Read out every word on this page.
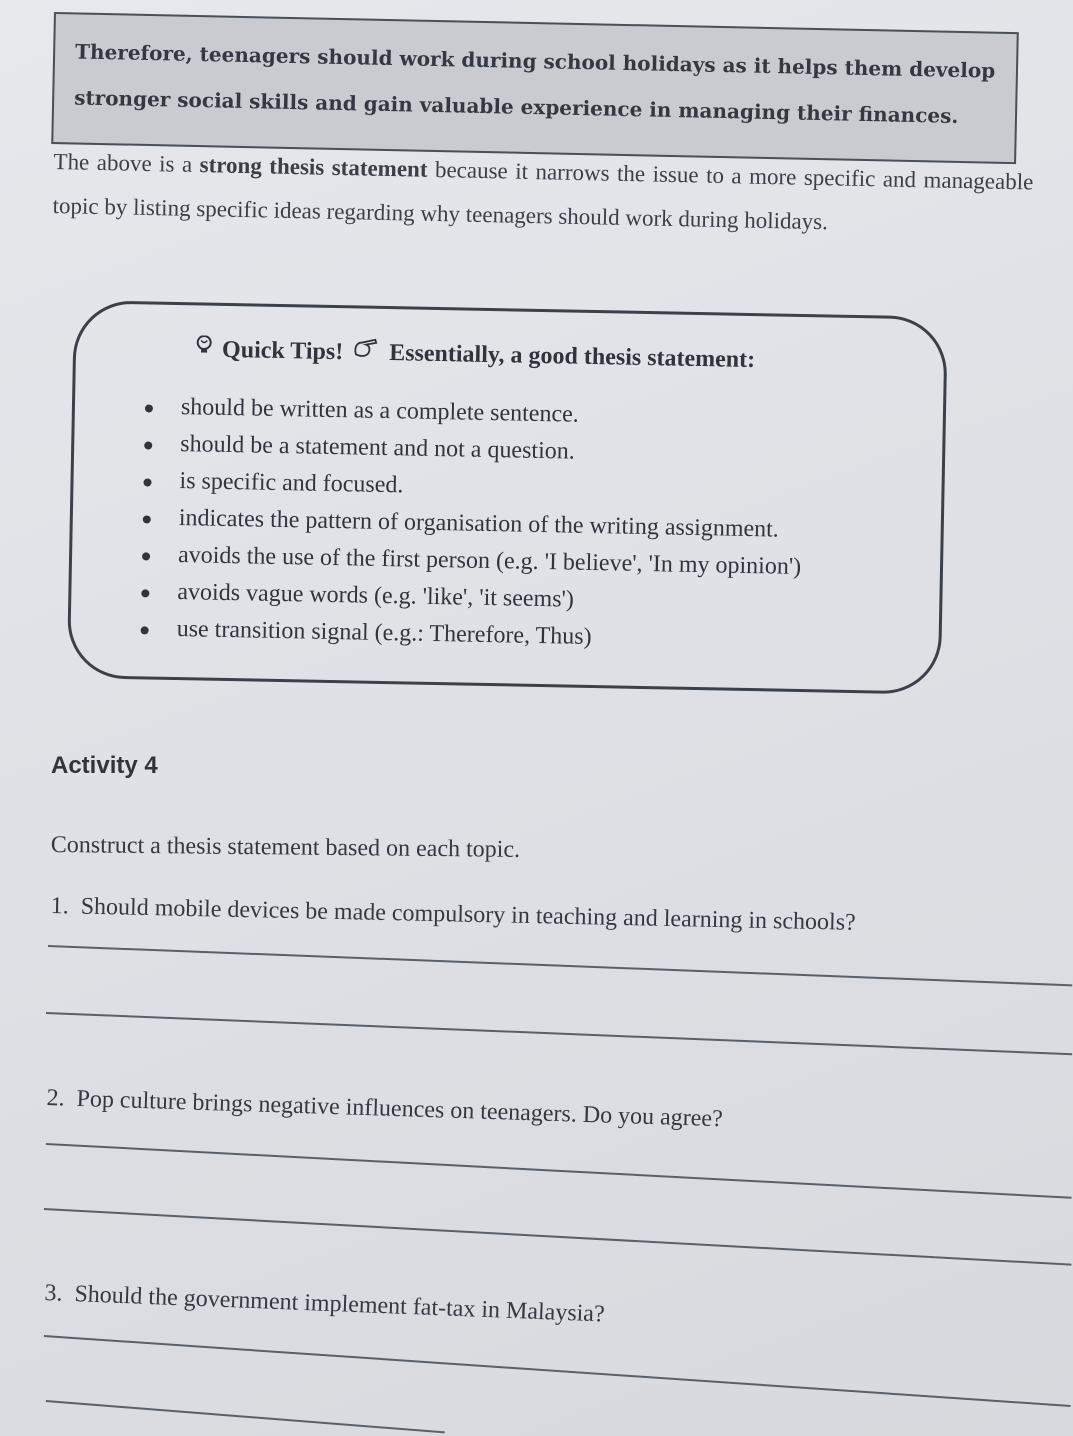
Therefore, teenagers should work during school holidays as it helps them develop

stronger social skills and gain valuable experience in managing their finances.

The above is a strong thesis statement because it narrows the issue to a more specific and manageable topic by listing specific ideas regarding why teenagers should work during holidays.

Quick Tips! Essentially, a good thesis statement:
should be written as a complete sentence.
should be a statement and not a question.
is specific and focused.
indicates the pattern of organisation of the writing assignment.
avoids the use of the first person (e.g. 'I believe', 'In my opinion')
avoids vague words (e.g. 'like', 'it seems')
use transition signal (e.g.: Therefore, Thus)
Activity 4

Construct a thesis statement based on each topic.

1. Should mobile devices be made compulsory in teaching and learning in schools?

2. Pop culture brings negative influences on teenagers. Do you agree?

3. Should the government implement fat-tax in Malaysia?
